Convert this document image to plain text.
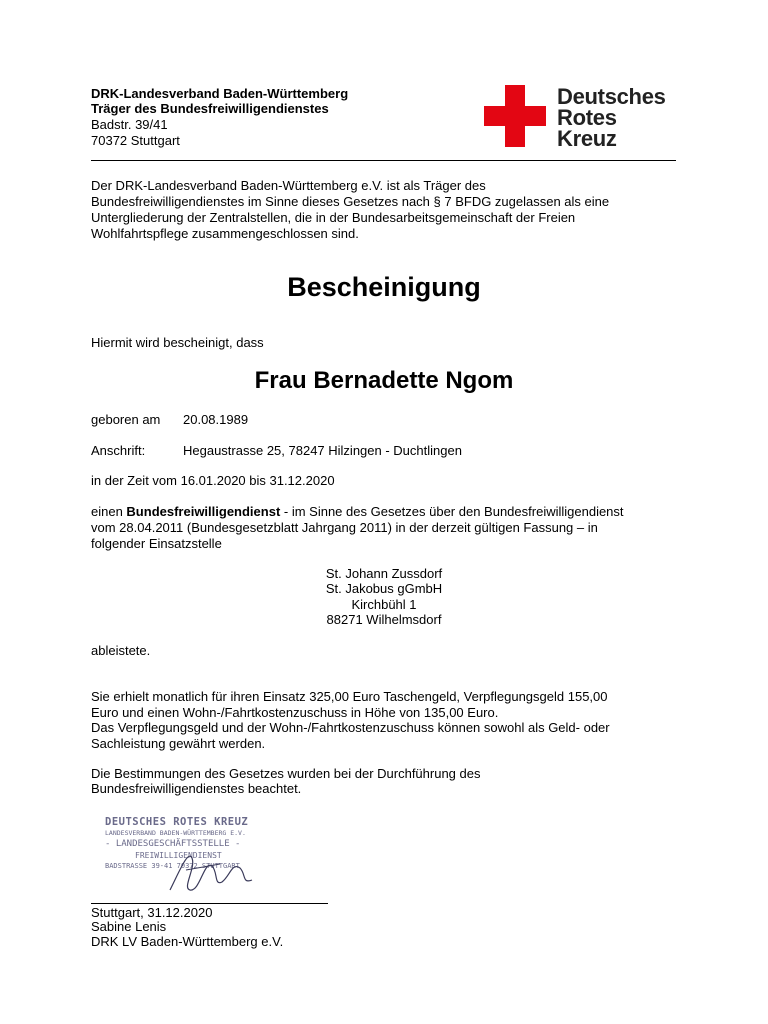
DRK-Landesverband Baden-Württemberg
Träger des Bundesfreiwilligendienstes
Badstr. 39/41
70372 Stuttgart
Deutsches
Rotes
Kreuz
Der DRK-Landesverband Baden-Württemberg e.V. ist als Träger des
Bundesfreiwilligendienstes im Sinne dieses Gesetzes nach § 7 BFDG zugelassen als eine
Untergliederung der Zentralstellen, die in der Bundesarbeitsgemeinschaft der Freien
Wohlfahrtspflege zusammengeschlossen sind.
Bescheinigung
Hiermit wird bescheinigt, dass
Frau Bernadette Ngom
geboren am 20.08.1989
Anschrift:	Hegaustrasse 25, 78247 Hilzingen - Duchtlingen
in der Zeit vom 16.01.2020 bis 31.12.2020
einen Bundesfreiwilligendienst - im Sinne des Gesetzes über den Bundesfreiwilligendienst
vom 28.04.2011 (Bundesgesetzblatt Jahrgang 2011) in der derzeit gültigen Fassung – in
folgender Einsatzstelle
St. Johann Zussdorf
St. Jakobus gGmbH
Kirchbühl 1
88271 Wilhelmsdorf
ableistete.
Sie erhielt monatlich für ihren Einsatz 325,00 Euro Taschengeld, Verpflegungsgeld 155,00
Euro und einen Wohn-/Fahrtkostenzuschuss in Höhe von 135,00 Euro.
Das Verpflegungsgeld und der Wohn-/Fahrtkostenzuschuss können sowohl als Geld- oder
Sachleistung gewährt werden.
Die Bestimmungen des Gesetzes wurden bei der Durchführung des
Bundesfreiwilligendienstes beachtet.
DEUTSCHES ROTES KREUZ
LANDESVERBAND BADEN-WÜRTTEMBERG E.V.
- LANDESGESCHÄFTSSTELLE -
FREIWILLIGENDIENST
BADSTRASSE 39-41 70372 STUTTGART
Stuttgart, 31.12.2020
Sabine Lenis
DRK LV Baden-Württemberg e.V.
